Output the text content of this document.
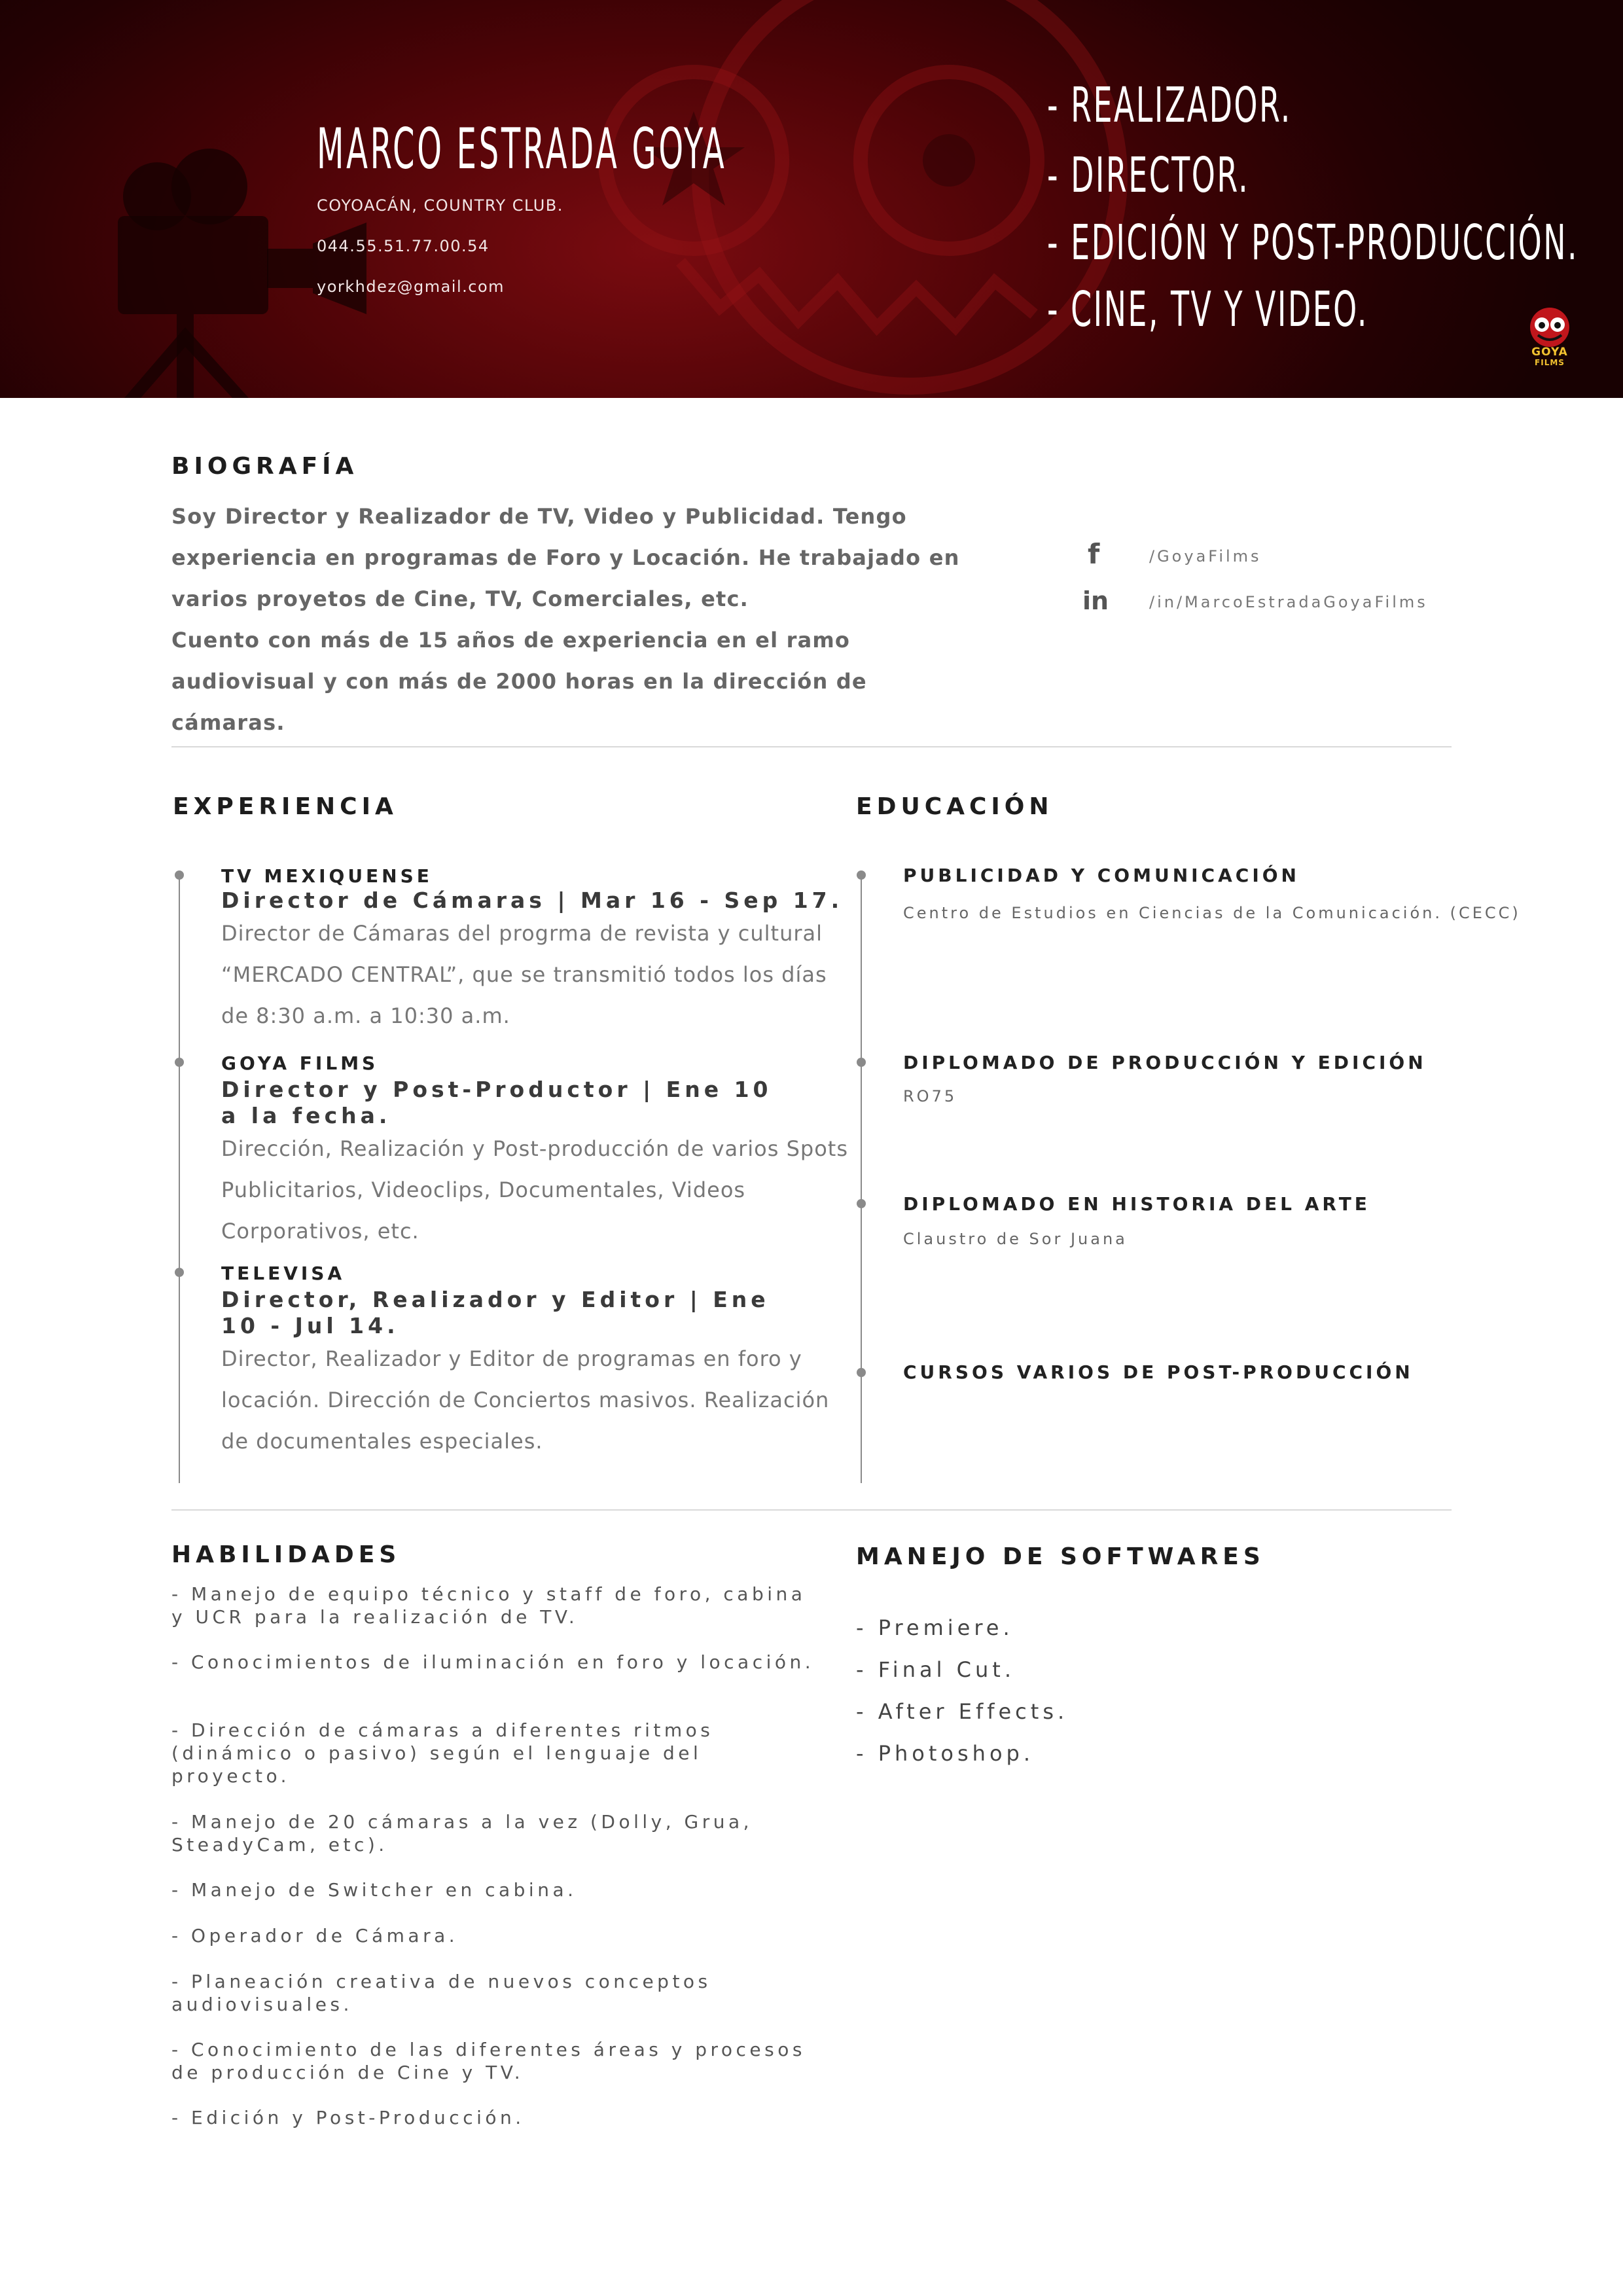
MARCO ESTRADA GOYA
COYOACÁN, COUNTRY CLUB.
044.55.51.77.00.54
yorkhdez@gmail.com
- REALIZADOR.
- DIRECTOR.
- EDICIÓN Y POST-PRODUCCIÓN.
- CINE, TV Y VIDEO.
GOYA
FILMS
BIOGRAFÍA

Soy Director y Realizador de TV, Video y Publicidad. Tengo experiencia en programas de Foro y Locación. He trabajado en varios proyetos de Cine, TV, Comerciales, etc.

Cuento con más de 15 años de experiencia en el ramo audiovisual y con más de 2000 horas en la dirección de cámaras.

f	/GoyaFilms
in	/in/MarcoEstradaGoyaFilms
EXPERIENCIA
TV MEXIQUENSE
Director de Cámaras | Mar 16 - Sep 17.
Director de Cámaras del progrma de revista y cultural “MERCADO CENTRAL”, que se transmitió todos los días de 8:30 a.m. a 10:30 a.m.
GOYA FILMS
Director y Post-Productor | Ene 10 a la fecha.
Dirección, Realización y Post-producción de varios Spots Publicitarios, Videoclips, Documentales, Videos Corporativos, etc.
TELEVISA
Director, Realizador y Editor | Ene 10 - Jul 14.
Director, Realizador y Editor de programas en foro y locación. Dirección de Conciertos masivos. Realización de documentales especiales.
EDUCACIÓN
PUBLICIDAD Y COMUNICACIÓN
Centro de Estudios en Ciencias de la Comunicación. (CECC)
DIPLOMADO DE PRODUCCIÓN Y EDICIÓN
RO75
DIPLOMADO EN HISTORIA DEL ARTE
Claustro de Sor Juana
CURSOS VARIOS DE POST-PRODUCCIÓN
HABILIDADES
- Manejo de equipo técnico y staff de foro, cabina y UCR para la realización de TV.
- Conocimientos de iluminación en foro y locación.
- Dirección de cámaras a diferentes ritmos (dinámico o pasivo) según el lenguaje del proyecto.
- Manejo de 20 cámaras a la vez (Dolly, Grua, SteadyCam, etc).
- Manejo de Switcher en cabina.
- Operador de Cámara.
- Planeación creativa de nuevos conceptos audiovisuales.
- Conocimiento de las diferentes áreas y procesos de producción de Cine y TV.
- Edición y Post-Producción.
MANEJO DE SOFTWARES
- Premiere.
- Final Cut.
- After Effects.
- Photoshop.
